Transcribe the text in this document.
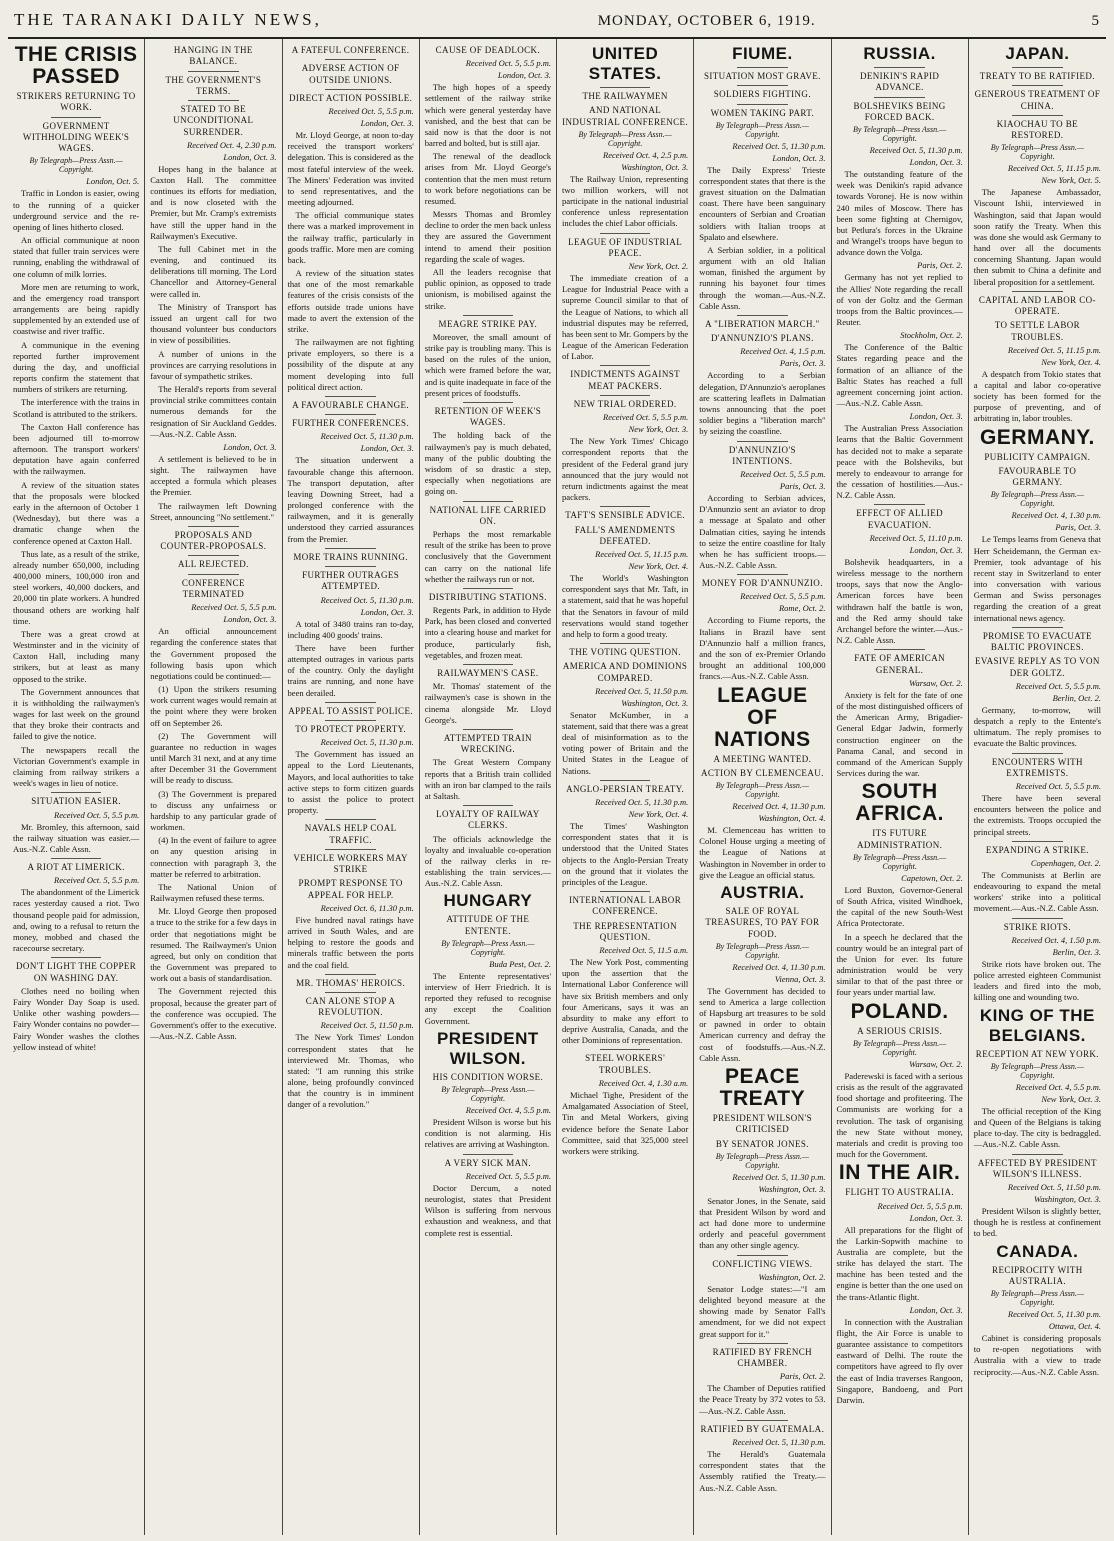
THE TARANAKI DAILY NEWS,	MONDAY, OCTOBER 6, 1919.	5
THE CRISIS PASSED
STRIKERS RETURNING TO WORK.
GOVERNMENT WITHHOLDING WEEK'S WAGES.
By Telegraph—Press Assn.—Copyright.
London, Oct. 5.

Traffic in London is easier, owing to the running of a quicker underground service and the re-opening of lines hitherto closed.

An official communique at noon stated that fuller train services were running, enabling the withdrawal of one column of milk lorries.

More men are returning to work, and the emergency road transport arrangements are being rapidly supplemented by an extended use of coastwise and river traffic.

A communique in the evening reported further improvement during the day, and unofficial reports confirm the statement that numbers of strikers are returning.

The interference with the trains in Scotland is attributed to the strikers.

The Caxton Hall conference has been adjourned till to-morrow afternoon. The transport workers' deputation have again conferred with the railwaymen.

A review of the situation states that the proposals were blocked early in the afternoon of October 1 (Wednesday), but there was a dramatic change when the conference opened at Caxton Hall.

Thus late, as a result of the strike, already number 650,000, including 400,000 miners, 100,000 iron and steel workers, 40,000 dockers, and 20,000 tin plate workers. A hundred thousand others are working half time.

There was a great crowd at Westminster and in the vicinity of Caxton Hall, including many strikers, but at least as many opposed to the strike.

The Government announces that it is withholding the railwaymen's wages for last week on the ground that they broke their contracts and failed to give the notice.

The newspapers recall the Victorian Government's example in claiming from railway strikers a week's wages in lieu of notice.

SITUATION EASIER.
Received Oct. 5, 5.5 p.m.

Mr. Bromley, this afternoon, said the railway situation was easier.—Aus.-N.Z. Cable Assn.

A RIOT AT LIMERICK.
Received Oct. 5, 5.5 p.m.

The abandonment of the Limerick races yesterday caused a riot. Two thousand people paid for admission, and, owing to a refusal to return the money, mobbed and chased the racecourse secretary.

DON'T LIGHT THE COPPER ON WASHING DAY.

Clothes need no boiling when Fairy Wonder Day Soap is used. Unlike other washing powders—Fairy Wonder contains no powder—Fairy Wonder washes the clothes yellow instead of white!

HANGING IN THE BALANCE.
THE GOVERNMENT'S TERMS.
STATED TO BE UNCONDITIONAL SURRENDER.
Received Oct. 4, 2.30 p.m.
London, Oct. 3.

Hopes hang in the balance at Caxton Hall. The committee continues its efforts for mediation, and is now closeted with the Premier, but Mr. Cramp's extremists have still the upper hand in the Railwaymen's Executive.

The full Cabinet met in the evening, and continued its deliberations till morning. The Lord Chancellor and Attorney-General were called in.

The Ministry of Transport has issued an urgent call for two thousand volunteer bus conductors in view of possibilities.

A number of unions in the provinces are carrying resolutions in favour of sympathetic strikes.

The Herald's reports from several provincial strike committees contain numerous demands for the resignation of Sir Auckland Geddes.—Aus.-N.Z. Cable Assn.

London, Oct. 3.

A settlement is believed to be in sight. The railwaymen have accepted a formula which pleases the Premier.

The railwaymen left Downing Street, announcing "No settlement."

PROPOSALS AND COUNTER-PROPOSALS.
ALL REJECTED.
CONFERENCE TERMINATED
Received Oct. 5, 5.5 p.m.
London, Oct. 3.

An official announcement regarding the conference states that the Government proposed the following basis upon which negotiations could be continued:—

(1) Upon the strikers resuming work current wages would remain at the point where they were broken off on September 26.

(2) The Government will guarantee no reduction in wages until March 31 next, and at any time after December 31 the Government will be ready to discuss.

(3) The Government is prepared to discuss any unfairness or hardship to any particular grade of workmen.

(4) In the event of failure to agree on any question arising in connection with paragraph 3, the matter be referred to arbitration.

The National Union of Railwaymen refused these terms.

Mr. Lloyd George then proposed a truce to the strike for a few days in order that negotiations might be resumed. The Railwaymen's Union agreed, but only on condition that the Government was prepared to work out a basis of standardisation.

The Government rejected this proposal, because the greater part of the conference was occupied. The Government's offer to the executive.—Aus.-N.Z. Cable Assn.

A FATEFUL CONFERENCE.
ADVERSE ACTION OF OUTSIDE UNIONS.
DIRECT ACTION POSSIBLE.
Received Oct. 5, 5.5 p.m.
London, Oct. 3.

Mr. Lloyd George, at noon to-day received the transport workers' delegation. This is considered as the most fateful interview of the week. The Miners' Federation was invited to send representatives, and the meeting adjourned.

The official communique states there was a marked improvement in the railway traffic, particularly in goods traffic. More men are coming back.

A review of the situation states that one of the most remarkable features of the crisis consists of the efforts outside trade unions have made to avert the extension of the strike.

The railwaymen are not fighting private employers, so there is a possibility of the dispute at any moment developing into full political direct action.

A FAVOURABLE CHANGE.
FURTHER CONFERENCES.
Received Oct. 5, 11.30 p.m.
London, Oct. 3.

The situation underwent a favourable change this afternoon. The transport deputation, after leaving Downing Street, had a prolonged conference with the railwaymen, and it is generally understood they carried assurances from the Premier.

MORE TRAINS RUNNING.
FURTHER OUTRAGES ATTEMPTED.
Received Oct. 5, 11.30 p.m.
London, Oct. 3.

A total of 3480 trains ran to-day, including 400 goods' trains.

There have been further attempted outrages in various parts of the country. Only the daylight trains are running, and none have been derailed.

APPEAL TO ASSIST POLICE.
TO PROTECT PROPERTY.
Received Oct. 5, 11.30 p.m.

The Government has issued an appeal to the Lord Lieutenants, Mayors, and local authorities to take active steps to form citizen guards to assist the police to protect property.

NAVALS HELP COAL TRAFFIC.
VEHICLE WORKERS MAY STRIKE
PROMPT RESPONSE TO APPEAL FOR HELP.
Received Oct. 6, 11.30 p.m.

Five hundred naval ratings have arrived in South Wales, and are helping to restore the goods and minerals traffic between the ports and the coal field.

MR. THOMAS' HEROICS.
CAN ALONE STOP A REVOLUTION.
Received Oct. 5, 11.50 p.m.

The New York Times' London correspondent states that he interviewed Mr. Thomas, who stated: "I am running this strike alone, being profoundly convinced that the country is in imminent danger of a revolution."

CAUSE OF DEADLOCK.
Received Oct. 5, 5.5 p.m.
London, Oct. 3.

The high hopes of a speedy settlement of the railway strike which were general yesterday have vanished, and the best that can be said now is that the door is not barred and bolted, but is still ajar.

The renewal of the deadlock arises from Mr. Lloyd George's contention that the men must return to work before negotiations can be resumed.

Messrs Thomas and Bromley decline to order the men back unless they are assured the Government intend to amend their position regarding the scale of wages.

All the leaders recognise that public opinion, as opposed to trade unionism, is mobilised against the strike.

MEAGRE STRIKE PAY.

Moreover, the small amount of strike pay is troubling many. This is based on the rules of the union, which were framed before the war, and is quite inadequate in face of the present prices of foodstuffs.

RETENTION OF WEEK'S WAGES.

The holding back of the railwaymen's pay is much debated, many of the public doubting the wisdom of so drastic a step, especially when negotiations are going on.

NATIONAL LIFE CARRIED ON.

Perhaps the most remarkable result of the strike has been to prove conclusively that the Government can carry on the national life whether the railways run or not.

DISTRIBUTING STATIONS.

Regents Park, in addition to Hyde Park, has been closed and converted into a clearing house and market for produce, particularly fish, vegetables, and frozen meat.

RAILWAYMEN'S CASE.

Mr. Thomas' statement of the railwaymen's case is shown in the cinema alongside Mr. Lloyd George's.

ATTEMPTED TRAIN WRECKING.

The Great Western Company reports that a British train collided with an iron bar clamped to the rails at Saltash.

LOYALTY OF RAILWAY CLERKS.

The officials acknowledge the loyalty and invaluable co-operation of the railway clerks in re-establishing the train services.—Aus.-N.Z. Cable Assn.

HUNGARY
ATTITUDE OF THE ENTENTE.
By Telegraph—Press Assn.—Copyright.
Buda Pest, Oct. 2.

The Entente representatives' interview of Herr Friedrich. It is reported they refused to recognise any except the Coalition Government.

PRESIDENT WILSON.
HIS CONDITION WORSE.
By Telegraph—Press Assn.—Copyright.
Received Oct. 4, 5.5 p.m.

President Wilson is worse but his condition is not alarming. His relatives are arriving at Washington.

A VERY SICK MAN.
Received Oct. 5, 5.5 p.m.

Doctor Dercum, a noted neurologist, states that President Wilson is suffering from nervous exhaustion and weakness, and that complete rest is essential.

UNITED STATES.
THE RAILWAYMEN
AND NATIONAL INDUSTRIAL CONFERENCE.
By Telegraph—Press Assn.—Copyright.
Received Oct. 4, 2.5 p.m.
Washington, Oct. 3.

The Railway Union, representing two million workers, will not participate in the national industrial conference unless representation includes the chief Labor officials.

LEAGUE OF INDUSTRIAL PEACE.
New York, Oct. 2.

The immediate creation of a League for Industrial Peace with a supreme Council similar to that of the League of Nations, to which all industrial disputes may be referred, has been sent to Mr. Gompers by the League of the American Federation of Labor.

INDICTMENTS AGAINST MEAT PACKERS.
NEW TRIAL ORDERED.
Received Oct. 5, 5.5 p.m.
New York, Oct. 3.

The New York Times' Chicago correspondent reports that the president of the Federal grand jury announced that the jury would not return indictments against the meat packers.

TAFT'S SENSIBLE ADVICE.
FALL'S AMENDMENTS DEFEATED.
Received Oct. 5, 11.15 p.m.
New York, Oct. 4.

The World's Washington correspondent says that Mr. Taft, in a statement, said that he was hopeful that the Senators in favour of mild reservations would stand together and help to form a good treaty.

THE VOTING QUESTION.
AMERICA AND DOMINIONS COMPARED.
Received Oct. 5, 11.50 p.m.
Washington, Oct. 3.

Senator McKumber, in a statement, said that there was a great deal of misinformation as to the voting power of Britain and the United States in the League of Nations.

ANGLO-PERSIAN TREATY.
Received Oct. 5, 11.30 p.m.
New York, Oct. 4.

The Times' Washington correspondent states that it is understood that the United States objects to the Anglo-Persian Treaty on the ground that it violates the principles of the League.

INTERNATIONAL LABOR CONFERENCE.
THE REPRESENTATION QUESTION.
Received Oct. 5, 11.5 a.m.

The New York Post, commenting upon the assertion that the International Labor Conference will have six British members and only four Americans, says it was an absurdity to make any effort to deprive Australia, Canada, and the other Dominions of representation.

STEEL WORKERS' TROUBLES.
Received Oct. 4, 1.30 a.m.

Michael Tighe, President of the Amalgamated Association of Steel, Tin and Metal Workers, giving evidence before the Senate Labor Committee, said that 325,000 steel workers were striking.

FIUME.
SITUATION MOST GRAVE.
SOLDIERS FIGHTING.
WOMEN TAKING PART.
By Telegraph—Press Assn.—Copyright.
Received Oct. 5, 11.30 p.m.
London, Oct. 3.

The Daily Express' Trieste correspondent states that there is the gravest situation on the Dalmatian coast. There have been sanguinary encounters of Serbian and Croatian soldiers with Italian troops at Spalato and elsewhere.

A Serbian soldier, in a political argument with an old Italian woman, finished the argument by running his bayonet four times through the woman.—Aus.-N.Z. Cable Assn.

A "LIBERATION MARCH."
D'ANNUNZIO'S PLANS.
Received Oct. 4, 1.5 p.m.
Paris, Oct. 3.

According to a Serbian delegation, D'Annunzio's aeroplanes are scattering leaflets in Dalmatian towns announcing that the poet soldier begins a "liberation march" by seizing the coastline.

D'ANNUNZIO'S INTENTIONS.
Received Oct. 5, 5.5 p.m.
Paris, Oct. 3.

According to Serbian advices, D'Annunzio sent an aviator to drop a message at Spalato and other Dalmatian cities, saying he intends to seize the entire coastline for Italy when he has sufficient troops.—Aus.-N.Z. Cable Assn.

MONEY FOR D'ANNUNZIO.
Received Oct. 5, 5.5 p.m.
Rome, Oct. 2.

According to Fiume reports, the Italians in Brazil have sent D'Annunzio half a million francs, and the son of ex-Premier Orlando brought an additional 100,000 francs.—Aus.-N.Z. Cable Assn.

LEAGUE OF NATIONS
A MEETING WANTED.
ACTION BY CLEMENCEAU.
By Telegraph—Press Assn.—Copyright.
Received Oct. 4, 11.30 p.m.
Washington, Oct. 4.

M. Clemenceau has written to Colonel House urging a meeting of the League of Nations at Washington in November in order to give the League an official status.

AUSTRIA.
SALE OF ROYAL TREASURES, TO PAY FOR FOOD.
By Telegraph—Press Assn.—Copyright.
Received Oct. 4, 11.30 p.m.
Vienna, Oct. 3.

The Government has decided to send to America a large collection of Hapsburg art treasures to be sold or pawned in order to obtain American currency and defray the cost of foodstuffs.—Aus.-N.Z. Cable Assn.

PEACE TREATY
PRESIDENT WILSON'S CRITICISED
BY SENATOR JONES.
By Telegraph—Press Assn.—Copyright.
Received Oct. 5, 11.30 p.m.
Washington, Oct. 3.

Senator Jones, in the Senate, said that President Wilson by word and act had done more to undermine orderly and peaceful government than any other single agency.

CONFLICTING VIEWS.
Washington, Oct. 2.

Senator Lodge states:—"I am delighted beyond measure at the showing made by Senator Fall's amendment, for we did not expect great support for it."

RATIFIED BY FRENCH CHAMBER.
Paris, Oct. 2.

The Chamber of Deputies ratified the Peace Treaty by 372 votes to 53.—Aus.-N.Z. Cable Assn.

RATIFIED BY GUATEMALA.
Received Oct. 5, 11.30 p.m.

The Herald's Guatemala correspondent states that the Assembly ratified the Treaty.—Aus.-N.Z. Cable Assn.

RUSSIA.
DENIKIN'S RAPID ADVANCE.
BOLSHEVIKS BEING FORCED BACK.
By Telegraph—Press Assn.—Copyright.
Received Oct. 5, 11.30 p.m.
London, Oct. 3.

The outstanding feature of the week was Denikin's rapid advance towards Voronej. He is now within 240 miles of Moscow. There has been some fighting at Chernigov, but Petlura's forces in the Ukraine and Wrangel's troops have begun to advance down the Volga.

Paris, Oct. 2.

Germany has not yet replied to the Allies' Note regarding the recall of von der Goltz and the German troops from the Baltic provinces.—Reuter.

Stockholm, Oct. 2.

The Conference of the Baltic States regarding peace and the formation of an alliance of the Baltic States has reached a full agreement concerning joint action.—Aus.-N.Z. Cable Assn.

London, Oct. 3.

The Australian Press Association learns that the Baltic Government has decided not to make a separate peace with the Bolsheviks, but merely to endeavour to arrange for the cessation of hostilities.—Aus.-N.Z. Cable Assn.

EFFECT OF ALLIED EVACUATION.
Received Oct. 5, 11.10 p.m.
London, Oct. 3.

Bolshevik headquarters, in a wireless message to the northern troops, says that now the Anglo-American forces have been withdrawn half the battle is won, and the Red army should take Archangel before the winter.—Aus.-N.Z. Cable Assn.

FATE OF AMERICAN GENERAL.
Warsaw, Oct. 2.

Anxiety is felt for the fate of one of the most distinguished officers of the American Army, Brigadier-General Edgar Jadwin, formerly construction engineer on the Panama Canal, and second in command of the American Supply Services during the war.

SOUTH AFRICA.
ITS FUTURE ADMINISTRATION.
By Telegraph—Press Assn.—Copyright.
Capetown, Oct. 2.

Lord Buxton, Governor-General of South Africa, visited Windhoek, the capital of the new South-West Africa Protectorate.

In a speech he declared that the country would be an integral part of the Union for ever. Its future administration would be very similar to that of the past three or four years under martial law.

POLAND.
A SERIOUS CRISIS.
By Telegraph—Press Assn.—Copyright.
Warsaw, Oct. 2.

Paderewski is faced with a serious crisis as the result of the aggravated food shortage and profiteering. The Communists are working for a revolution. The task of organising the new State without money, materials and credit is proving too much for the Government.

IN THE AIR.
FLIGHT TO AUSTRALIA.
Received Oct. 5, 5.5 p.m.
London, Oct. 3.

All preparations for the flight of the Larkin-Sopwith machine to Australia are complete, but the strike has delayed the start. The machine has been tested and the engine is better than the one used on the trans-Atlantic flight.

London, Oct. 3.

In connection with the Australian flight, the Air Force is unable to guarantee assistance to competitors eastward of Delhi. The route the competitors have agreed to fly over the east of India traverses Rangoon, Singapore, Bandoeng, and Port Darwin.

JAPAN.
TREATY TO BE RATIFIED.
GENEROUS TREATMENT OF CHINA.
KIAOCHAU TO BE RESTORED.
By Telegraph—Press Assn.—Copyright.
Received Oct. 5, 11.15 p.m.
New York, Oct. 5.

The Japanese Ambassador, Viscount Ishii, interviewed in Washington, said that Japan would soon ratify the Treaty. When this was done she would ask Germany to hand over all the documents concerning Shantung. Japan would then submit to China a definite and liberal proposition for a settlement.

CAPITAL AND LABOR CO-OPERATE.
TO SETTLE LABOR TROUBLES.
Received Oct. 5, 11.15 p.m.
New York, Oct. 4.

A despatch from Tokio states that a capital and labor co-operative society has been formed for the purpose of preventing, and of arbitrating in, labor troubles.

GERMANY.
PUBLICITY CAMPAIGN.
FAVOURABLE TO GERMANY.
By Telegraph—Press Assn.—Copyright.
Received Oct. 4, 1.30 p.m.
Paris, Oct. 3.

Le Temps learns from Geneva that Herr Scheidemann, the German ex-Premier, took advantage of his recent stay in Switzerland to enter into conversation with various German and Swiss personages regarding the creation of a great international news agency.

PROMISE TO EVACUATE BALTIC PROVINCES.
EVASIVE REPLY AS TO VON DER GOLTZ.
Received Oct. 5, 5.5 p.m.
Berlin, Oct. 2.

Germany, to-morrow, will despatch a reply to the Entente's ultimatum. The reply promises to evacuate the Baltic provinces.

ENCOUNTERS WITH EXTREMISTS.
Received Oct. 5, 5.5 p.m.

There have been several encounters between the police and the extremists. Troops occupied the principal streets.

EXPANDING A STRIKE.
Copenhagen, Oct. 2.

The Communists at Berlin are endeavouring to expand the metal workers' strike into a political movement.—Aus.-N.Z. Cable Assn.

STRIKE RIOTS.
Received Oct. 4, 1.50 p.m.
Berlin, Oct. 3.

Strike riots have broken out. The police arrested eighteen Communist leaders and fired into the mob, killing one and wounding two.

KING OF THE BELGIANS.
RECEPTION AT NEW YORK.
By Telegraph—Press Assn.—Copyright.
Received Oct. 4, 5.5 p.m.
New York, Oct. 3.

The official reception of the King and Queen of the Belgians is taking place to-day. The city is bedraggled.—Aus.-N.Z. Cable Assn.

AFFECTED BY PRESIDENT WILSON'S ILLNESS.
Received Oct. 5, 11.50 p.m.
Washington, Oct. 3.

President Wilson is slightly better, though he is restless at confinement to bed.

CANADA.
RECIPROCITY WITH AUSTRALIA.
By Telegraph—Press Assn.—Copyright.
Received Oct. 5, 11.30 p.m.
Ottawa, Oct. 4.

Cabinet is considering proposals to re-open negotiations with Australia with a view to trade reciprocity.—Aus.-N.Z. Cable Assn.
